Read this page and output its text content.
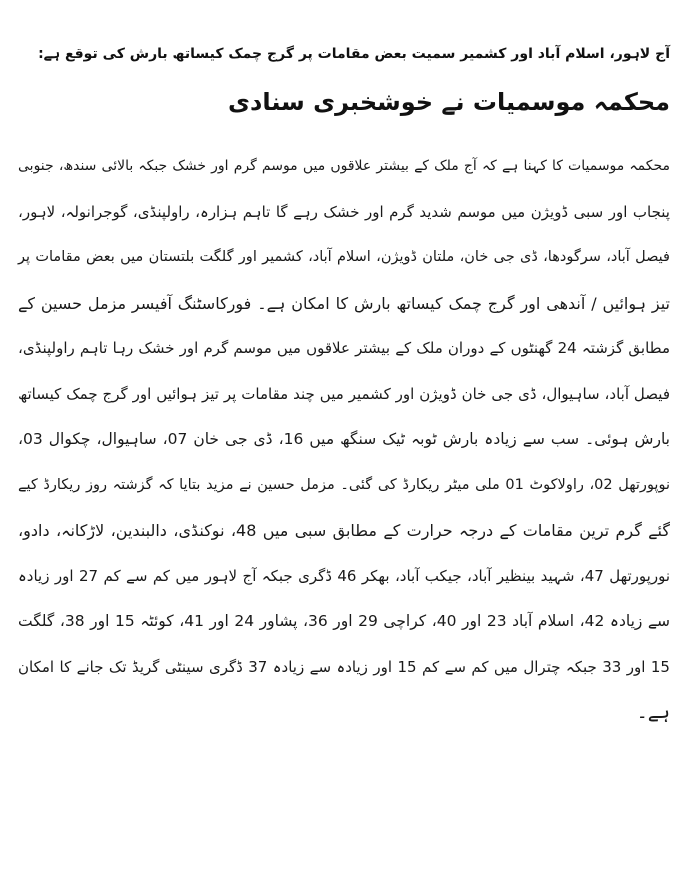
آج لاہور، اسلام آباد اور کشمیر سمیت بعض مقامات پر گرج چمک کیساتھ بارش کی توقع ہے:
محکمہ موسمیات نے خوشخبری سنادی

محکمہ موسمیات کا کہنا ہے کہ آج ملک کے بیشتر علاقوں میں موسم گرم اور خشک جبکہ بالائی سندھ، جنوبی

پنجاب اور سبی ڈویژن میں موسم شدید گرم اور خشک رہے گا تاہم ہزارہ، راولپنڈی، گوجرانولہ، لاہور،

فیصل آباد، سرگودھا، ڈی جی خان، ملتان ڈویژن، اسلام آباد، کشمیر اور گلگت بلتستان میں بعض مقامات پر

تیز ہوائیں / آندھی اور گرج چمک کیساتھ بارش کا امکان ہے۔ فورکاسٹنگ آفیسر مزمل حسین کے

مطابق گزشتہ 24 گھنٹوں کے دوران ملک کے بیشتر علاقوں میں موسم گرم اور خشک رہا تاہم راولپنڈی،

فیصل آباد، ساہیوال، ڈی جی خان ڈویژن اور کشمیر میں چند مقامات پر تیز ہوائیں اور گرج چمک کیساتھ

بارش ہوئی۔ سب سے زیادہ بارش ٹوبہ ٹیک سنگھ میں 16، ڈی جی خان 07، ساہیوال، چکوال 03،

نوپورتھل 02، راولاکوٹ 01 ملی میٹر ریکارڈ کی گئی۔ مزمل حسین نے مزید بتایا کہ گزشتہ روز ریکارڈ کیے

گئے گرم ترین مقامات کے درجہ حرارت کے مطابق سبی میں 48، نوکنڈی، دالبندین، لاڑکانہ، دادو،

نورپورتھل 47، شہید بینظیر آباد، جیکب آباد، بھکر 46 ڈگری جبکہ آج لاہور میں کم سے کم 27 اور زیادہ

سے زیادہ 42، اسلام آباد 23 اور 40، کراچی 29 اور 36، پشاور 24 اور 41، کوئٹہ 15 اور 38، گلگت

15 اور 33 جبکہ چترال میں کم سے کم 15 اور زیادہ سے زیادہ 37 ڈگری سینٹی گریڈ تک جانے کا امکان

ہے۔
